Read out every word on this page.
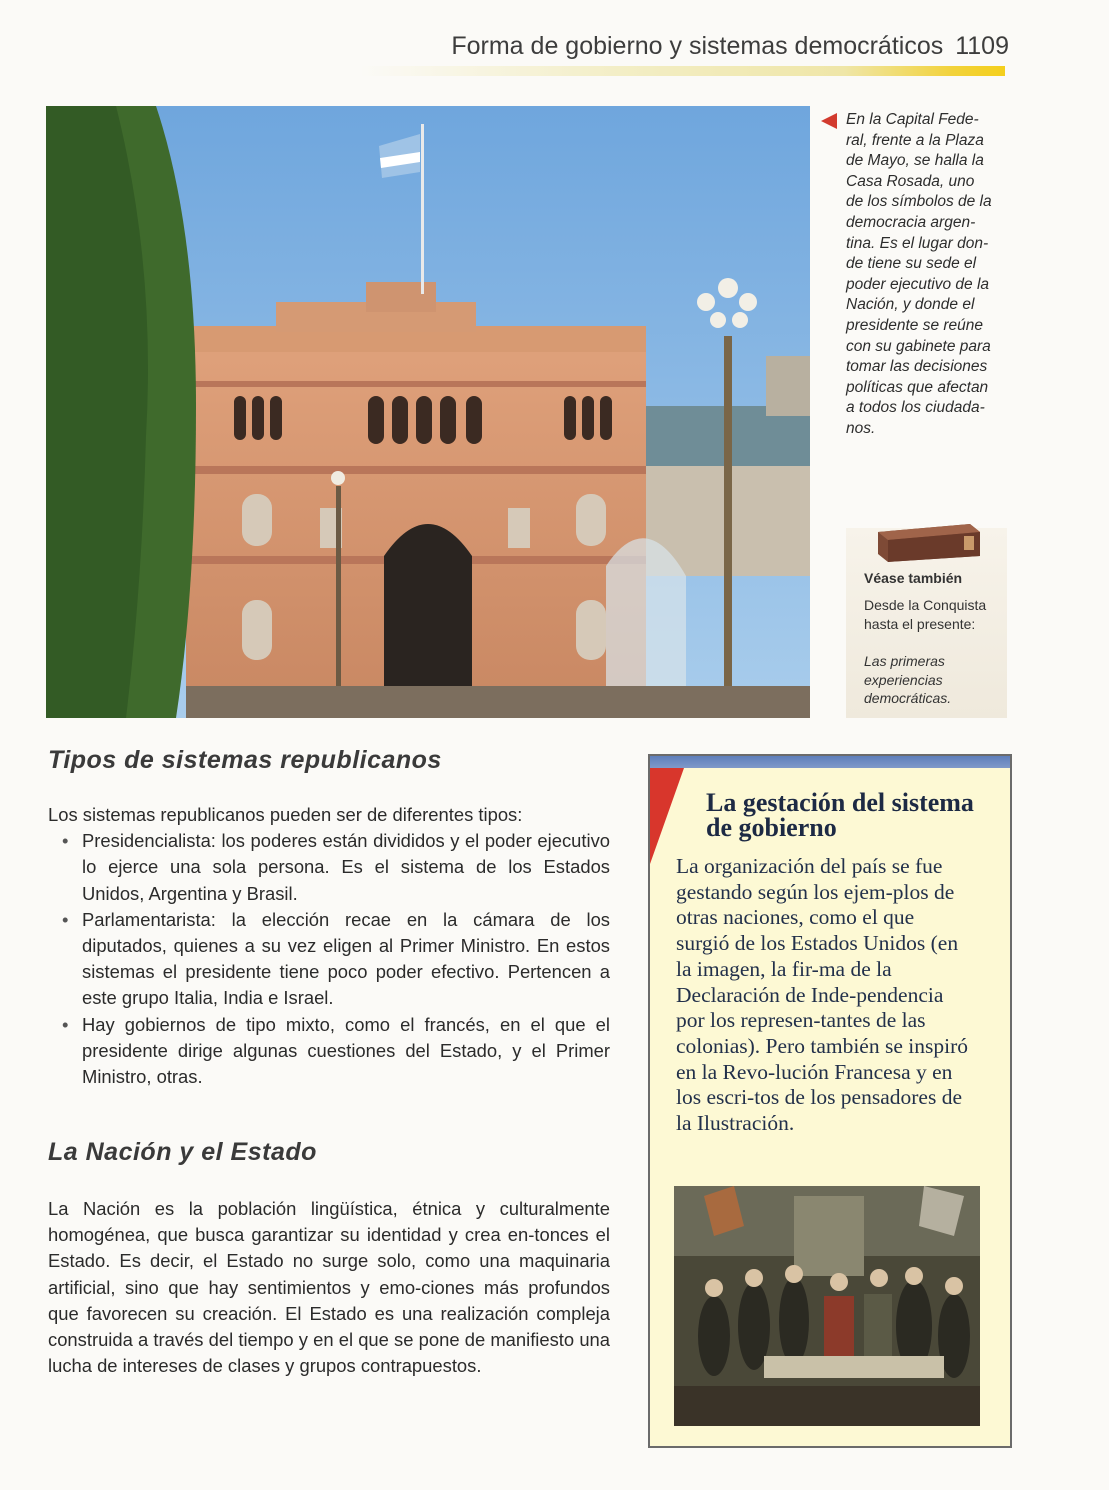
Forma de gobierno y sistemas democráticos 1109
En la Capital Fede-
ral, frente a la Plaza
de Mayo, se halla la
Casa Rosada, uno
de los símbolos de la
democracia argen-
tina. Es el lugar don-
de tiene su sede el
poder ejecutivo de la
Nación, y donde el
presidente se reúne
con su gabinete para
tomar las decisiones
políticas que afectan
a todos los ciudada-
nos.
Véase también
Desde la Conquista hasta el presente:
Las primeras experiencias democráticas.
Tipos de sistemas republicanos

Los sistemas republicanos pueden ser de diferentes tipos:

• Presidencialista: los poderes están divididos y el poder ejecutivo lo ejerce una sola persona. Es el sistema de los Estados Unidos, Argentina y Brasil.

• Parlamentarista: la elección recae en la cámara de los diputados, quienes a su vez eligen al Primer Ministro. En estos sistemas el presidente tiene poco poder efectivo. Pertencen a este grupo Italia, India e Israel.

• Hay gobiernos de tipo mixto, como el francés, en el que el presidente dirige algunas cuestiones del Estado, y el Primer Ministro, otras.

La Nación y el Estado
La Nación es la población lingüística, étnica y culturalmente homogénea, que busca garantizar su identidad y crea en-tonces el Estado. Es decir, el Estado no surge solo, como una maquinaria artificial, sino que hay sentimientos y emo-ciones más profundos que favorecen su creación. El Estado es una realización compleja construida a través del tiempo y en el que se pone de manifiesto una lucha de intereses de clases y grupos contrapuestos.
La gestación del sistema de gobierno
La organización del país se fue gestando según los ejem-plos de otras naciones, como el que surgió de los Estados Unidos (en la imagen, la fir-ma de la Declaración de Inde-pendencia por los represen-tantes de las colonias). Pero también se inspiró en la Revo-lución Francesa y en los escri-tos de los pensadores de la Ilustración.
